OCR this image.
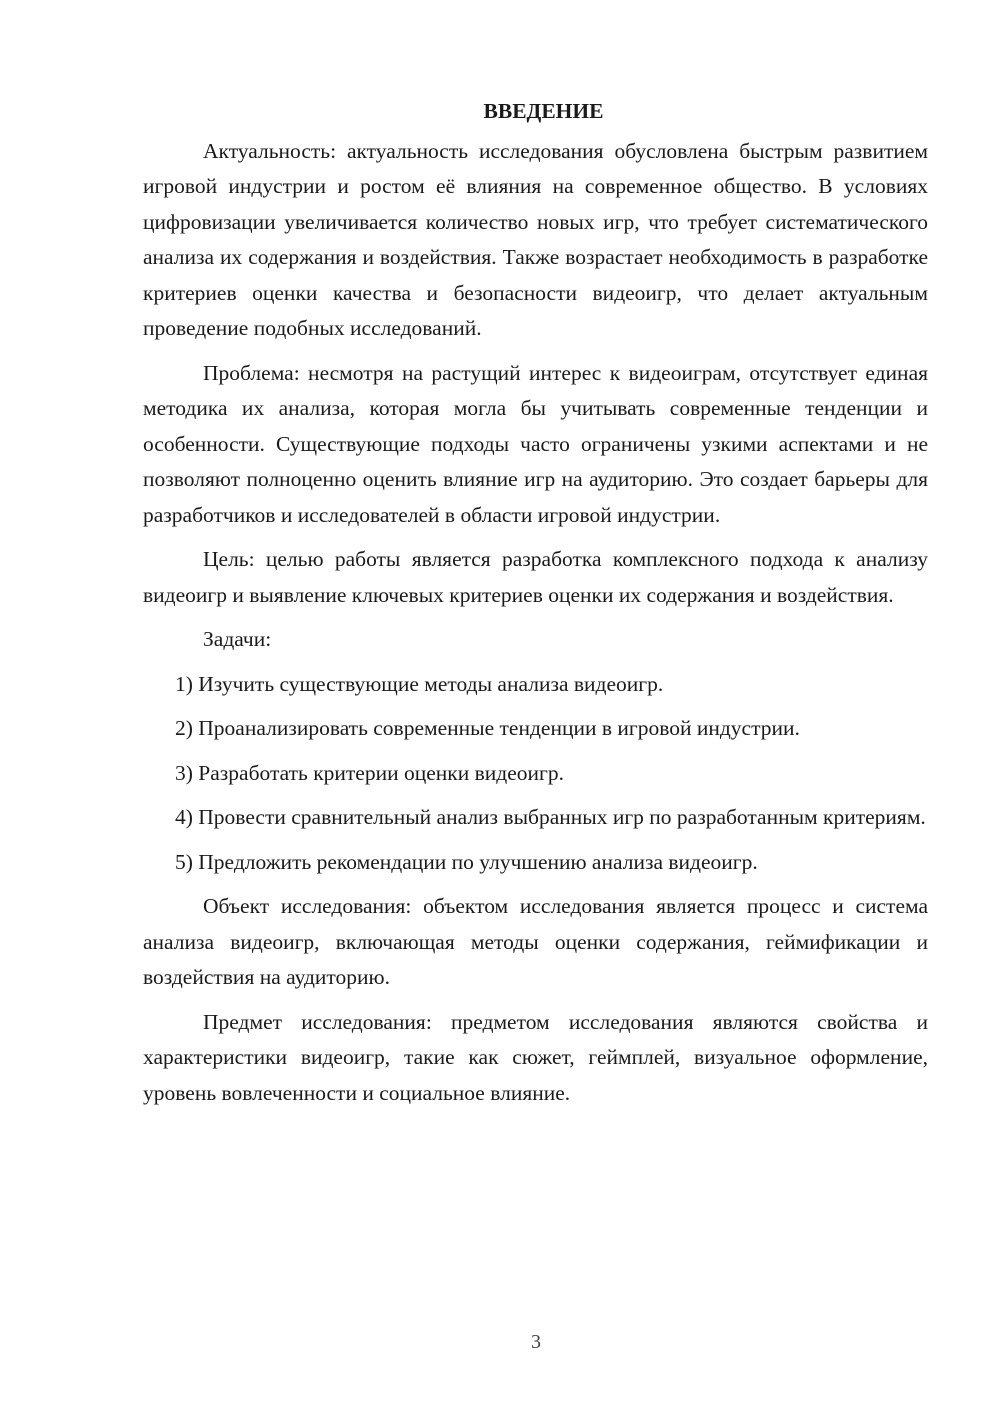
ВВЕДЕНИЕ

Актуальность: актуальность исследования обусловлена быстрым развитием игровой индустрии и ростом её влияния на современное общество. В условиях цифровизации увеличивается количество новых игр, что требует систематического анализа их содержания и воздействия. Также возрастает необходимость в разработке критериев оценки качества и безопасности видеоигр, что делает актуальным проведение подобных исследований.

Проблема: несмотря на растущий интерес к видеоиграм, отсутствует единая методика их анализа, которая могла бы учитывать современные тенденции и особенности. Существующие подходы часто ограничены узкими аспектами и не позволяют полноценно оценить влияние игр на аудиторию. Это создает барьеры для разработчиков и исследователей в области игровой индустрии.

Цель: целью работы является разработка комплексного подхода к анализу видеоигр и выявление ключевых критериев оценки их содержания и воздействия.

Задачи:

1) Изучить существующие методы анализа видеоигр.

2) Проанализировать современные тенденции в игровой индустрии.

3) Разработать критерии оценки видеоигр.

4) Провести сравнительный анализ выбранных игр по разработанным критериям.

5) Предложить рекомендации по улучшению анализа видеоигр.

Объект исследования: объектом исследования является процесс и система анализа видеоигр, включающая методы оценки содержания, геймификации и воздействия на аудиторию.

Предмет исследования: предметом исследования являются свойства и характеристики видеоигр, такие как сюжет, геймплей, визуальное оформление, уровень вовлеченности и социальное влияние.

3
